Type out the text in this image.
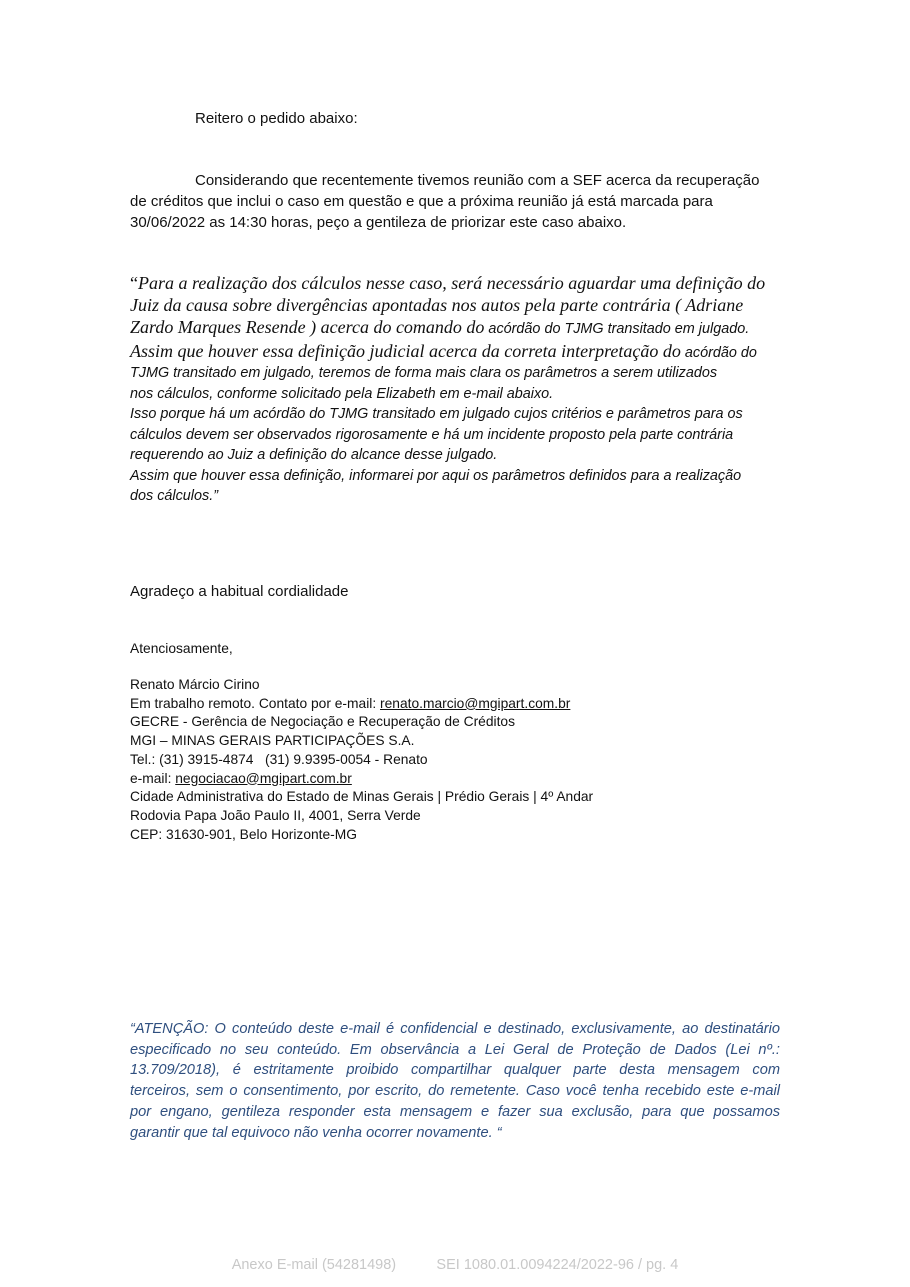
Reitero o pedido abaixo:

Considerando que recentemente tivemos reunião com a SEF acerca da recuperação

de créditos que inclui o caso em questão e que a próxima reunião já está marcada para

30/06/2022 as 14:30 horas, peço a gentileza de priorizar este caso abaixo.

“Para a realização dos cálculos nesse caso, será necessário aguardar uma definição do
Juiz da causa sobre divergências apontadas nos autos pela parte contrária ( Adriane
Zardo Marques Resende ) acerca do comando do acórdão do TJMG transitado em julgado.
Assim que houver essa definição judicial acerca da correta interpretação do acórdão do
TJMG transitado em julgado, teremos de forma mais clara os parâmetros a serem utilizados
nos cálculos, conforme solicitado pela Elizabeth em e-mail abaixo.
Isso porque há um acórdão do TJMG transitado em julgado cujos critérios e parâmetros para os
cálculos devem ser observados rigorosamente e há um incidente proposto pela parte contrária
requerendo ao Juiz a definição do alcance desse julgado.
Assim que houver essa definição, informarei por aqui os parâmetros definidos para a realização
dos cálculos.”

Agradeço a habitual cordialidade

Atenciosamente,

Renato Márcio Cirino
Em trabalho remoto. Contato por e-mail: renato.marcio@mgipart.com.br
GECRE - Gerência de Negociação e Recuperação de Créditos
MGI – MINAS GERAIS PARTICIPAÇÕES S.A.
Tel.: (31) 3915-4874   (31) 9.9395-0054 - Renato
e-mail: negociacao@mgipart.com.br
Cidade Administrativa do Estado de Minas Gerais | Prédio Gerais | 4º Andar
Rodovia Papa João Paulo II, 4001, Serra Verde
CEP: 31630-901, Belo Horizonte-MG
“ATENÇÃO: O conteúdo deste e-mail é confidencial e destinado, exclusivamente, ao destinatário
especificado no seu conteúdo. Em observância a Lei Geral de Proteção de Dados (Lei nº.:
13.709/2018), é estritamente proibido compartilhar qualquer parte desta mensagem com
terceiros, sem o consentimento, por escrito, do remetente. Caso você tenha recebido este e-mail
por engano, gentileza responder esta mensagem e fazer sua exclusão, para que possamos
garantir que tal equivoco não venha ocorrer novamente. “
Anexo E-mail (54281498)	SEI 1080.01.0094224/2022-96 / pg. 4
